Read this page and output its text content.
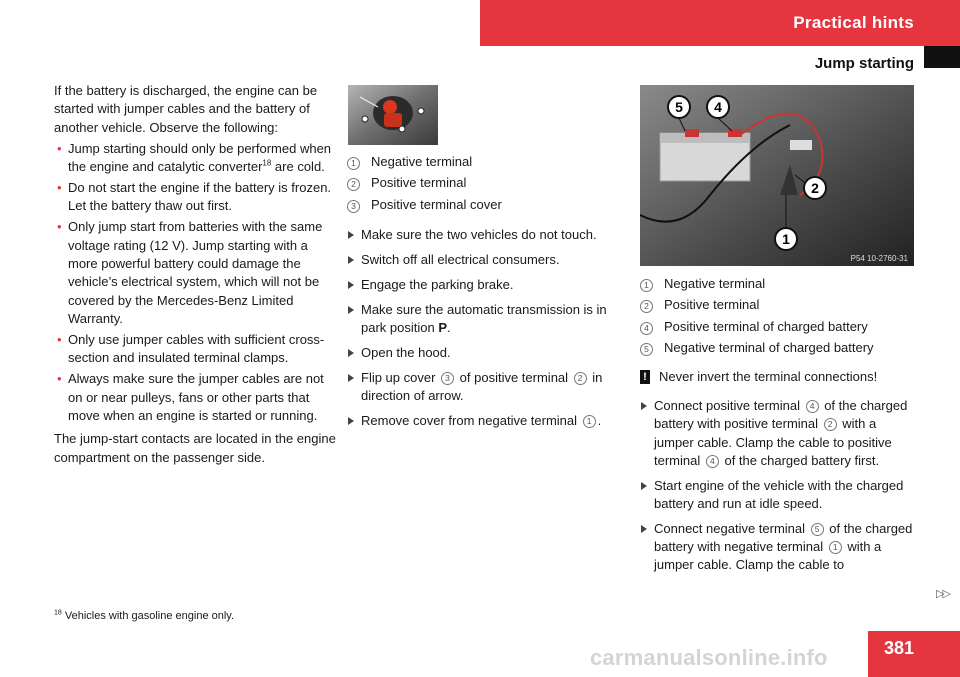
Practical hints
Jump starting

If the battery is discharged, the engine can be started with jumper cables and the battery of another vehicle. Observe the following:

• Jump starting should only be performed when the engine and catalytic converter$^{18}$ are cold.
• Do not start the engine if the battery is frozen. Let the battery thaw out first.
• Only jump start from batteries with the same voltage rating (12 V). Jump starting with a more powerful battery could damage the vehicle’s electrical system, which will not be covered by the Mercedes-Benz Limited Warranty.
• Only use jumper cables with sufficient cross-section and insulated terminal clamps.
• Always make sure the jumper cables are not on or near pulleys, fans or other parts that move when an engine is started or running.

The jump-start contacts are located in the engine compartment on the passenger side.

1	Negative terminal
2	Positive terminal
3	Positive terminal cover
Make sure the two vehicles do not touch.
Switch off all electrical consumers.
Engage the parking brake.
Make sure the automatic transmission is in park position P.
Open the hood.
Flip up cover 3 of positive terminal 2 in direction of arrow.
Remove cover from negative terminal 1 .
5 4
2
1
P54 10-2760-31
1	Negative terminal
2	Positive terminal
4	Positive terminal of charged battery
5	Negative terminal of charged battery
! Never invert the terminal connections!
Connect positive terminal 4 of the charged battery with positive terminal 2 with a jumper cable. Clamp the cable to positive terminal 4 of the charged battery first.
Start engine of the vehicle with the charged battery and run at idle speed.
Connect negative terminal 5 of the charged battery with negative terminal 1 with a jumper cable. Clamp the cable to
$^{18}$ Vehicles with gasoline engine only.
▷▷
381
carmanualsonline.info
